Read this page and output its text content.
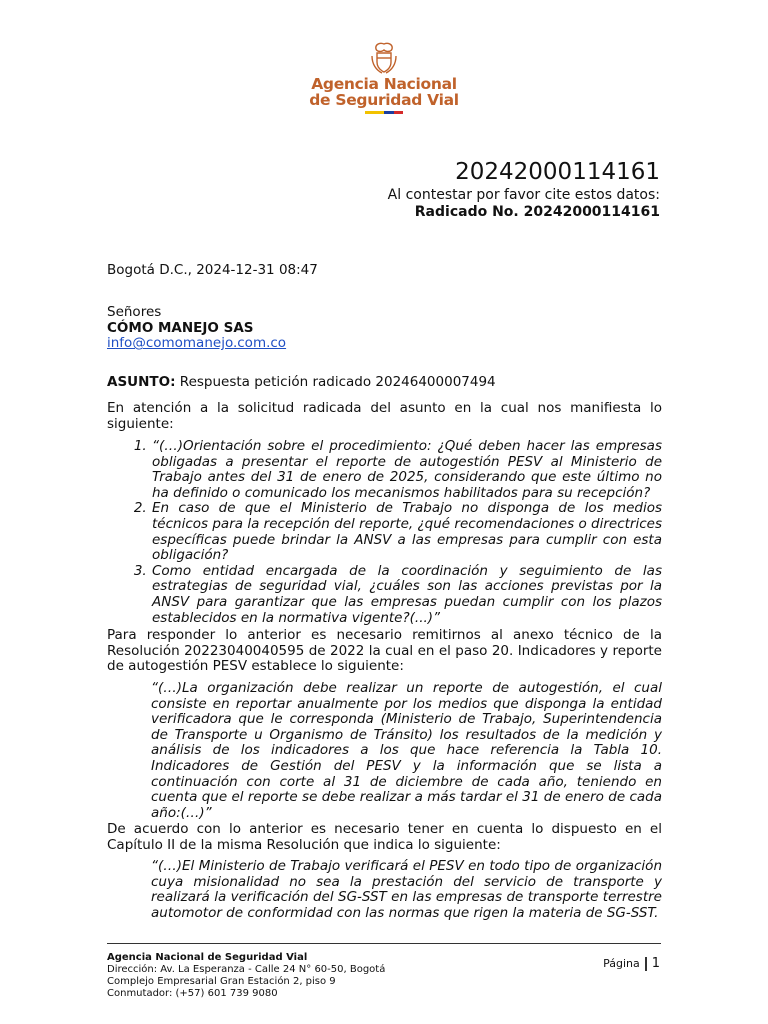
Agencia Nacional
de Seguridad Vial
20242000114161
Al contestar por favor cite estos datos:
Radicado No. 20242000114161
Bogotá D.C., 2024-12-31 08:47
Señores
CÓMO MANEJO SAS
info@comomanejo.com.co
ASUNTO: Respuesta petición radicado 20246400007494
En atención a la solicitud radicada del asunto en la cual nos manifiesta lo siguiente:
1. “(…)Orientación sobre el procedimiento: ¿Qué deben hacer las empresas obligadas a presentar el reporte de autogestión PESV al Ministerio de Trabajo antes del 31 de enero de 2025, considerando que este último no ha definido o comunicado los mecanismos habilitados para su recepción?
2. En caso de que el Ministerio de Trabajo no disponga de los medios técnicos para la recepción del reporte, ¿qué recomendaciones o directrices específicas puede brindar la ANSV a las empresas para cumplir con esta obligación?
3. Como entidad encargada de la coordinación y seguimiento de las estrategias de seguridad vial, ¿cuáles son las acciones previstas por la ANSV para garantizar que las empresas puedan cumplir con los plazos establecidos en la normativa vigente?(...)”
Para responder lo anterior es necesario remitirnos al anexo técnico de la Resolución 20223040040595 de 2022 la cual en el paso 20. Indicadores y reporte de autogestión PESV establece lo siguiente:
“(…)La organización debe realizar un reporte de autogestión, el cual consiste en reportar anualmente por los medios que disponga la entidad verificadora que le corresponda (Ministerio de Trabajo, Superintendencia de Transporte u Organismo de Tránsito) los resultados de la medición y análisis de los indicadores a los que hace referencia la Tabla 10. Indicadores de Gestión del PESV y la información que se lista a continuación con corte al 31 de diciembre de cada año, teniendo en cuenta que el reporte se debe realizar a más tardar el 31 de enero de cada año:(…)”
De acuerdo con lo anterior es necesario tener en cuenta lo dispuesto en el Capítulo II de la misma Resolución que indica lo siguiente:
“(…)El Ministerio de Trabajo verificará el PESV en todo tipo de organización cuya misionalidad no sea la prestación del servicio de transporte y realizará la verificación del SG-SST en las empresas de transporte terrestre automotor de conformidad con las normas que rigen la materia de SG-SST.
Agencia Nacional de Seguridad Vial
Dirección: Av. La Esperanza - Calle 24 N° 60-50, Bogotá
Complejo Empresarial Gran Estación 2, piso 9
Conmutador: (+57) 601 739 9080
Página 1
